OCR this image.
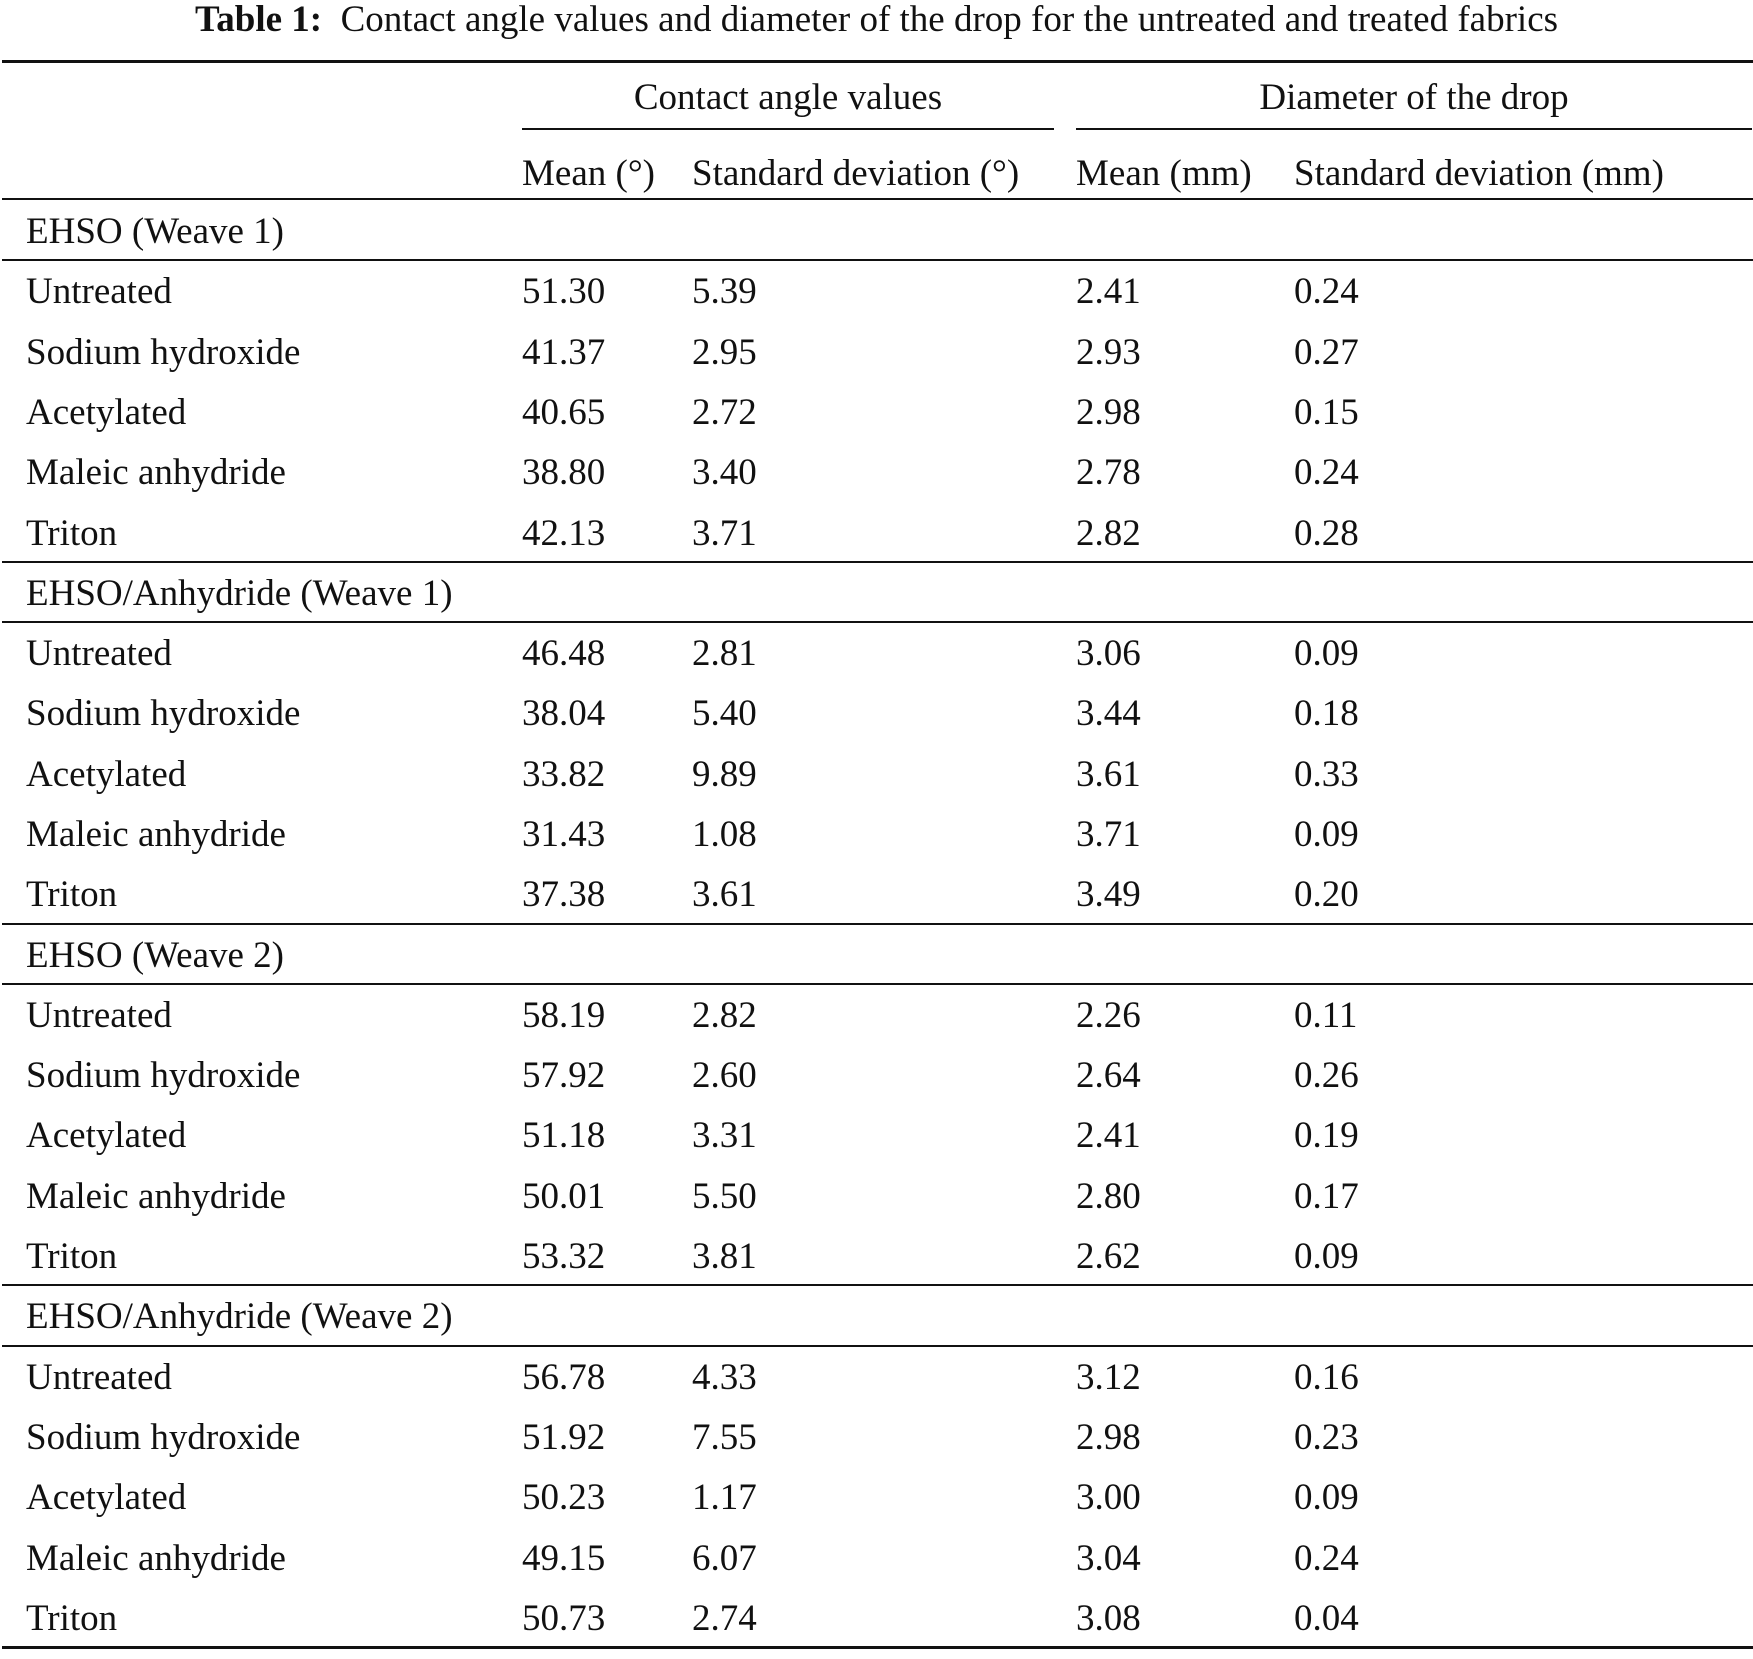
Table 1: Contact angle values and diameter of the drop for the untreated and treated fabrics
Contact angle values	Diameter of the drop
Mean (°) Standard deviation (°) Mean (mm) Standard deviation (mm)
EHSO (Weave 1)
Untreated	51.30 5.39	2.41	0.24
Sodium hydroxide	41.37 2.95	2.93	0.27
Acetylated	40.65 2.72	2.98	0.15
Maleic anhydride	38.80 3.40	2.78	0.24
Triton	42.13 3.71	2.82	0.28
EHSO/Anhydride (Weave 1)
Untreated	46.48 2.81	3.06	0.09
Sodium hydroxide	38.04 5.40	3.44	0.18
Acetylated	33.82 9.89	3.61	0.33
Maleic anhydride	31.43 1.08	3.71	0.09
Triton	37.38 3.61	3.49	0.20
EHSO (Weave 2)
Untreated	58.19 2.82	2.26	0.11
Sodium hydroxide	57.92 2.60	2.64	0.26
Acetylated	51.18 3.31	2.41	0.19
Maleic anhydride	50.01 5.50	2.80	0.17
Triton	53.32 3.81	2.62	0.09
EHSO/Anhydride (Weave 2)
Untreated	56.78 4.33	3.12	0.16
Sodium hydroxide	51.92 7.55	2.98	0.23
Acetylated	50.23 1.17	3.00	0.09
Maleic anhydride	49.15 6.07	3.04	0.24
Triton	50.73 2.74	3.08	0.04
